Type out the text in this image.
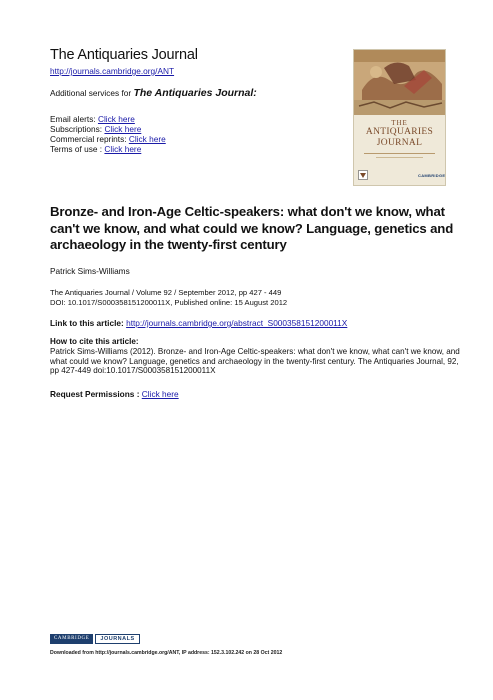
The Antiquaries Journal
http://journals.cambridge.org/ANT
Additional services for The Antiquaries Journal:
Email alerts: Click here
Subscriptions: Click here
Commercial reprints: Click here
Terms of use : Click here
THE
ANTIQUARIES
JOURNAL
CAMBRIDGE
Bronze- and Iron-Age Celtic-speakers: what don't we know, what can't we know, and what could we know? Language, genetics and archaeology in the twenty-first century
Patrick Sims-Williams
The Antiquaries Journal / Volume 92 / September 2012, pp 427 - 449
DOI: 10.1017/S000358151200011X, Published online: 15 August 2012
Link to this article: http://journals.cambridge.org/abstract_S000358151200011X
How to cite this article:
Patrick Sims-Williams (2012). Bronze- and Iron-Age Celtic-speakers: what don't we know, what can't we know, and what could we know? Language, genetics and archaeology in the twenty-first century. The Antiquaries Journal, 92, pp 427-449 doi:10.1017/S000358151200011X
Request Permissions : Click here
CAMBRIDGE	JOURNALS
Downloaded from http://journals.cambridge.org/ANT, IP address: 152.3.102.242 on 28 Oct 2012
